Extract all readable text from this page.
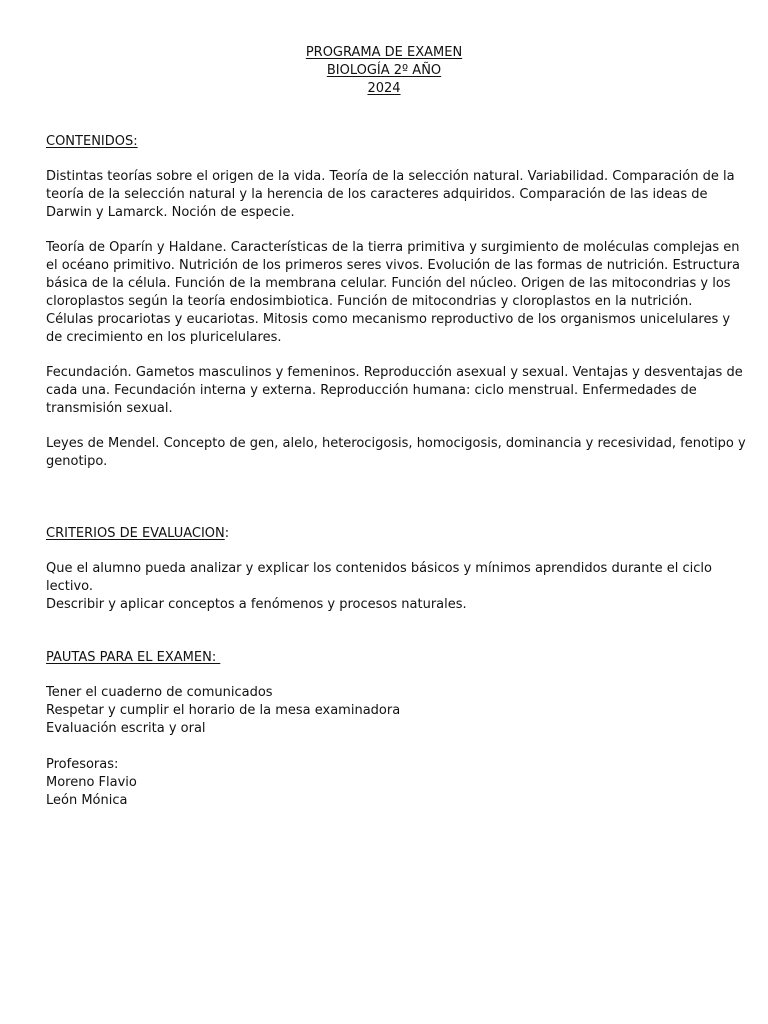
PROGRAMA DE EXAMEN
BIOLOGÍA 2º AÑO
2024
CONTENIDOS:
Distintas teorías sobre el origen de la vida. Teoría de la selección natural. Variabilidad. Comparación de la
teoría de la selección natural y la herencia de los caracteres adquiridos. Comparación de las ideas de
Darwin y Lamarck. Noción de especie.
Teoría de Oparín y Haldane. Características de la tierra primitiva y surgimiento de moléculas complejas en
el océano primitivo. Nutrición de los primeros seres vivos. Evolución de las formas de nutrición. Estructura
básica de la célula. Función de la membrana celular. Función del núcleo. Origen de las mitocondrias y los
cloroplastos según la teoría endosimbiotica. Función de mitocondrias y cloroplastos en la nutrición.
Células procariotas y eucariotas. Mitosis como mecanismo reproductivo de los organismos unicelulares y
de crecimiento en los pluricelulares.
Fecundación. Gametos masculinos y femeninos. Reproducción asexual y sexual. Ventajas y desventajas de
cada una. Fecundación interna y externa. Reproducción humana: ciclo menstrual. Enfermedades de
transmisión sexual.
Leyes de Mendel. Concepto de gen, alelo, heterocigosis, homocigosis, dominancia y recesividad, fenotipo y
genotipo.
CRITERIOS DE EVALUACION:
Que el alumno pueda analizar y explicar los contenidos básicos y mínimos aprendidos durante el ciclo
lectivo.
Describir y aplicar conceptos a fenómenos y procesos naturales.
PAUTAS PARA EL EXAMEN:
Tener el cuaderno de comunicados
Respetar y cumplir el horario de la mesa examinadora
Evaluación escrita y oral
Profesoras:
Moreno Flavio
León Mónica
